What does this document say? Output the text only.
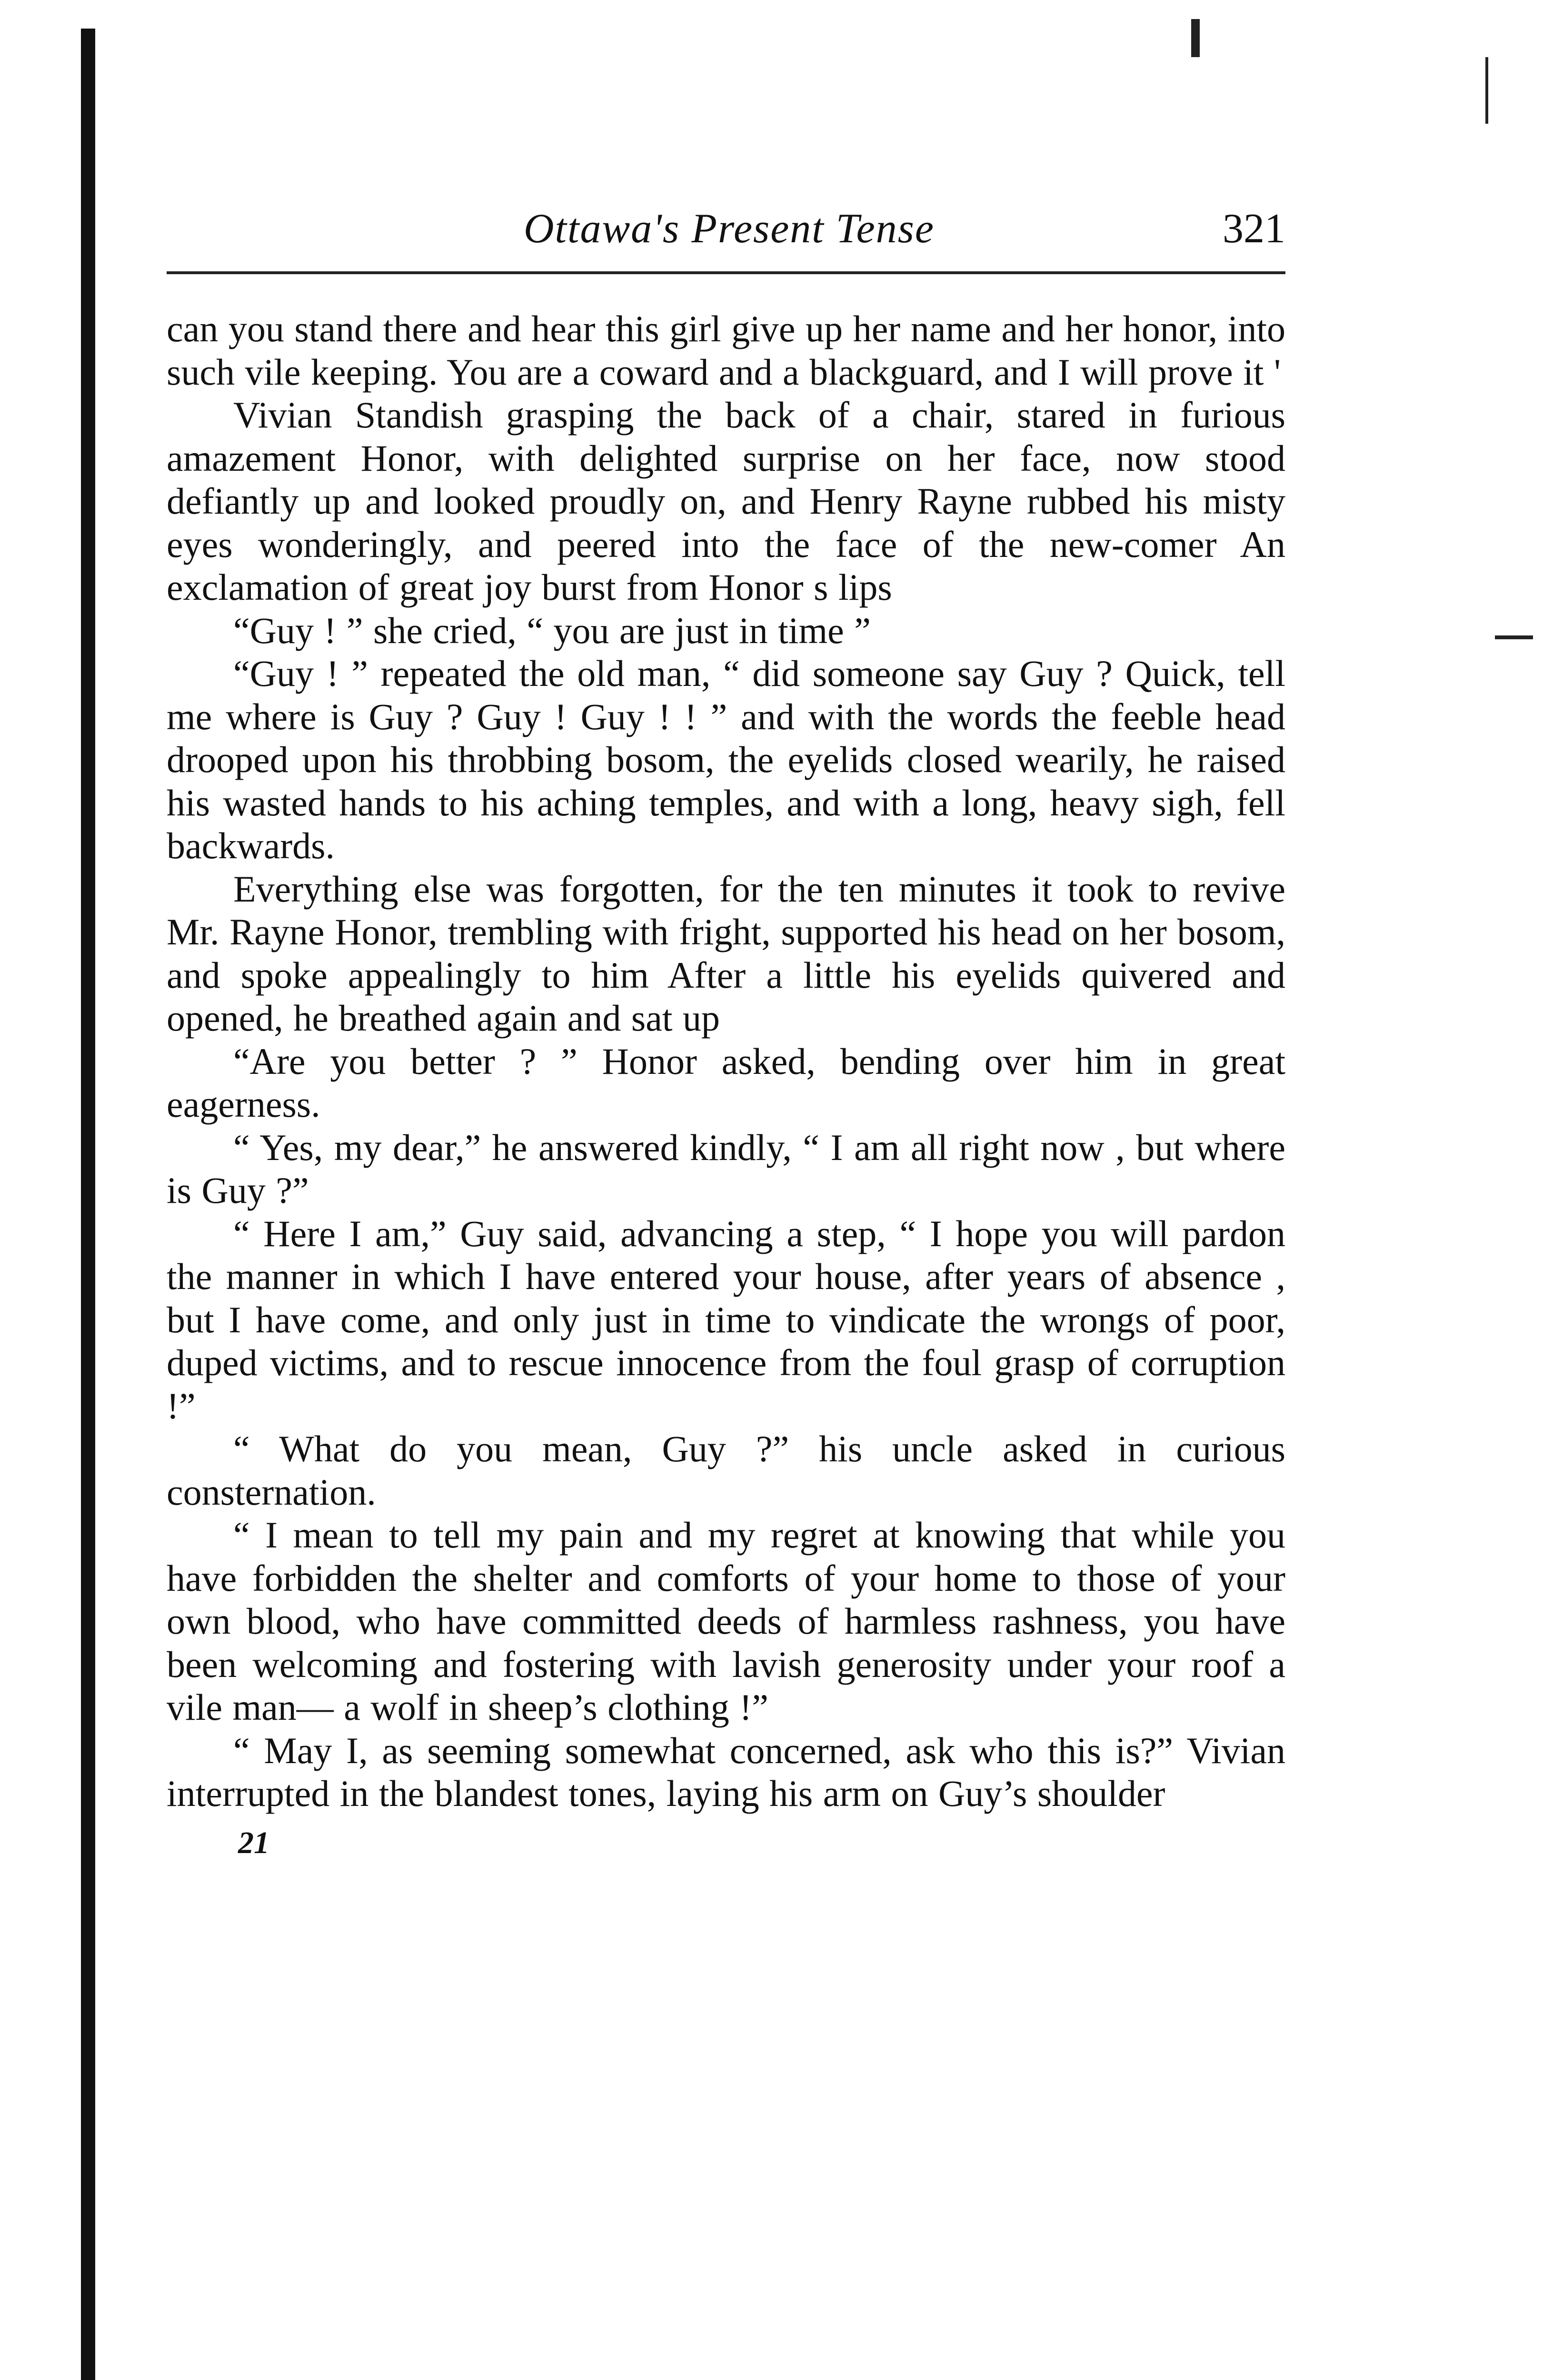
Ottawa's Present Tense	321

can you stand there and hear this girl give up her name and her honor, into such vile keeping. You are a coward and a blackguard, and I will prove it '

Vivian Standish grasping the back of a chair, stared in furious amazement Honor, with delighted surprise on her face, now stood defiantly up and looked proudly on, and Henry Rayne rubbed his misty eyes wonderingly, and peered into the face of the new-comer An exclamation of great joy burst from Honor s lips

“Guy ! ” she cried, “ you are just in time ”

“Guy ! ” repeated the old man, “ did someone say Guy ? Quick, tell me where is Guy ? Guy ! Guy ! ! ” and with the words the feeble head drooped upon his throbbing bosom, the eyelids closed wearily, he raised his wasted hands to his aching temples, and with a long, heavy sigh, fell backwards.

Everything else was forgotten, for the ten minutes it took to revive Mr. Rayne Honor, trembling with fright, supported his head on her bosom, and spoke appealingly to him After a little his eyelids quivered and opened, he breathed again and sat up

“Are you better ? ” Honor asked, bending over him in great eagerness.

“ Yes, my dear,” he answered kindly, “ I am all right now , but where is Guy ?”

“ Here I am,” Guy said, advancing a step, “ I hope you will pardon the manner in which I have entered your house, after years of absence , but I have come, and only just in time to vindicate the wrongs of poor, duped victims, and to rescue innocence from the foul grasp of corruption !”

“ What do you mean, Guy ?” his uncle asked in curious consternation.

“ I mean to tell my pain and my regret at knowing that while you have forbidden the shelter and comforts of your home to those of your own blood, who have committed deeds of harmless rashness, you have been welcoming and fostering with lavish generosity under your roof a vile man— a wolf in sheep’s clothing !”

“ May I, as seeming somewhat concerned, ask who this is?” Vivian interrupted in the blandest tones, laying his arm on Guy’s shoulder

21
